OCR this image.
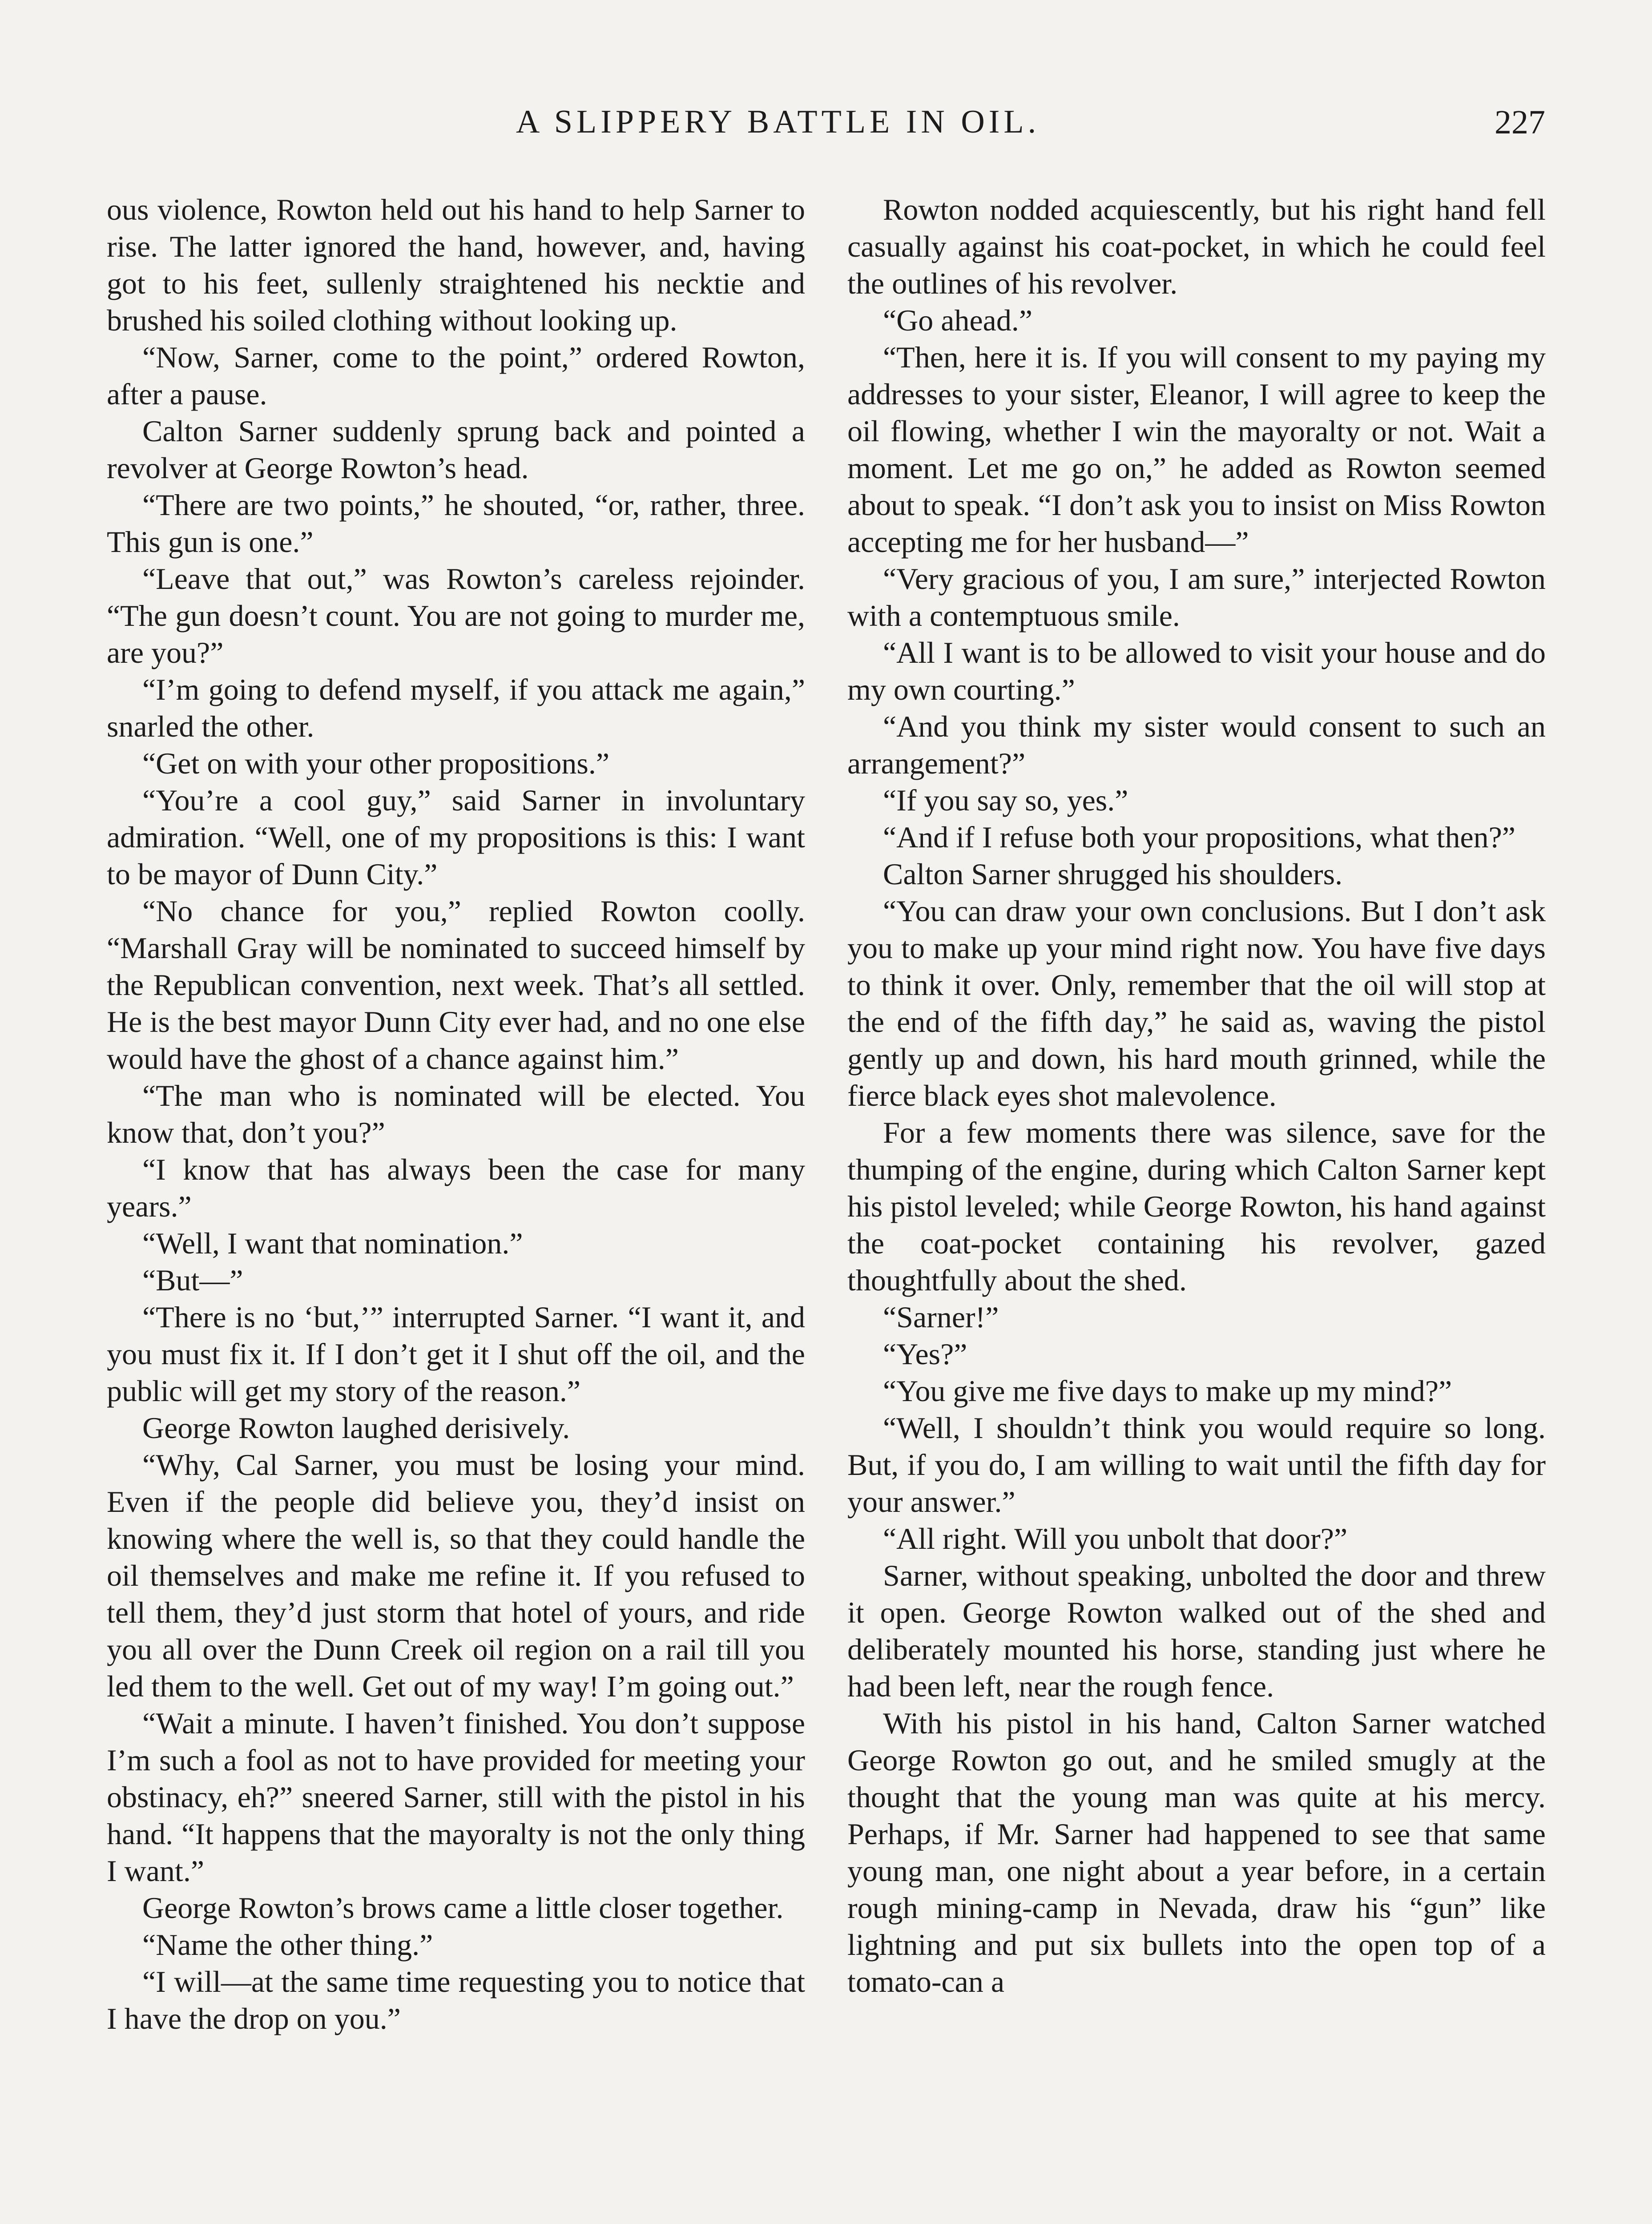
A SLIPPERY BATTLE IN OIL.	227

ous violence, Rowton held out his hand to help Sarner to rise. The latter ignored the hand, however, and, having got to his feet, sullenly straightened his necktie and brushed his soiled clothing without looking up.

“Now, Sarner, come to the point,” ordered Rowton, after a pause.

Calton Sarner suddenly sprung back and pointed a revolver at George Rowton’s head.

“There are two points,” he shouted, “or, rather, three. This gun is one.”

“Leave that out,” was Rowton’s careless rejoinder. “The gun doesn’t count. You are not going to murder me, are you?”

“I’m going to defend myself, if you attack me again,” snarled the other.

“Get on with your other propositions.”

“You’re a cool guy,” said Sarner in involuntary admiration. “Well, one of my propositions is this: I want to be mayor of Dunn City.”

“No chance for you,” replied Rowton coolly. “Marshall Gray will be nominated to succeed himself by the Republican convention, next week. That’s all settled. He is the best mayor Dunn City ever had, and no one else would have the ghost of a chance against him.”

“The man who is nominated will be elected. You know that, don’t you?”

“I know that has always been the case for many years.”

“Well, I want that nomination.”

“But—”

“There is no ‘but,’” interrupted Sarner. “I want it, and you must fix it. If I don’t get it I shut off the oil, and the public will get my story of the reason.”

George Rowton laughed derisively.

“Why, Cal Sarner, you must be losing your mind. Even if the people did believe you, they’d insist on knowing where the well is, so that they could handle the oil themselves and make me refine it. If you refused to tell them, they’d just storm that hotel of yours, and ride you all over the Dunn Creek oil region on a rail till you led them to the well. Get out of my way! I’m going out.”

“Wait a minute. I haven’t finished. You don’t suppose I’m such a fool as not to have provided for meeting your obstinacy, eh?” sneered Sarner, still with the pistol in his hand. “It happens that the mayoralty is not the only thing I want.”

George Rowton’s brows came a little closer together.

“Name the other thing.”

“I will—at the same time requesting you to notice that I have the drop on you.”

Rowton nodded acquiescently, but his right hand fell casually against his coat-pocket, in which he could feel the outlines of his revolver.

“Go ahead.”

“Then, here it is. If you will consent to my paying my addresses to your sister, Eleanor, I will agree to keep the oil flowing, whether I win the mayoralty or not. Wait a moment. Let me go on,” he added as Rowton seemed about to speak. “I don’t ask you to insist on Miss Rowton accepting me for her husband—”

“Very gracious of you, I am sure,” interjected Rowton with a contemptuous smile.

“All I want is to be allowed to visit your house and do my own courting.”

“And you think my sister would consent to such an arrangement?”

“If you say so, yes.”

“And if I refuse both your propositions, what then?”

Calton Sarner shrugged his shoulders.

“You can draw your own conclusions. But I don’t ask you to make up your mind right now. You have five days to think it over. Only, remember that the oil will stop at the end of the fifth day,” he said as, waving the pistol gently up and down, his hard mouth grinned, while the fierce black eyes shot malevolence.

For a few moments there was silence, save for the thumping of the engine, during which Calton Sarner kept his pistol leveled; while George Rowton, his hand against the coat-pocket containing his revolver, gazed thoughtfully about the shed.

“Sarner!”

“Yes?”

“You give me five days to make up my mind?”

“Well, I shouldn’t think you would require so long. But, if you do, I am willing to wait until the fifth day for your answer.”

“All right. Will you unbolt that door?”

Sarner, without speaking, unbolted the door and threw it open. George Rowton walked out of the shed and deliberately mounted his horse, standing just where he had been left, near the rough fence.

With his pistol in his hand, Calton Sarner watched George Rowton go out, and he smiled smugly at the thought that the young man was quite at his mercy. Perhaps, if Mr. Sarner had happened to see that same young man, one night about a year before, in a certain rough mining-camp in Nevada, draw his “gun” like lightning and put six bullets into the open top of a tomato-can a
